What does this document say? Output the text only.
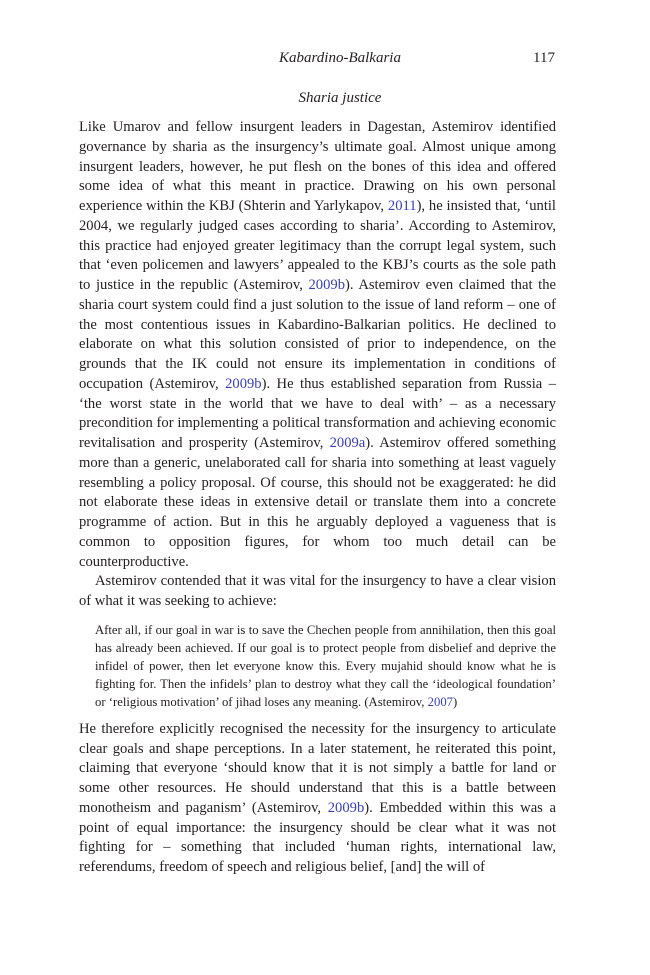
Kabardino-Balkaria	117
Sharia justice

Like Umarov and fellow insurgent leaders in Dagestan, Astemirov identified governance by sharia as the insurgency’s ultimate goal. Almost unique among insurgent leaders, however, he put flesh on the bones of this idea and offered some idea of what this meant in practice. Drawing on his own personal experience within the KBJ (Shterin and Yarlykapov, 2011), he insisted that, ‘until 2004, we regularly judged cases according to sharia’. According to Astemirov, this practice had enjoyed greater legitimacy than the corrupt legal system, such that ‘even policemen and lawyers’ appealed to the KBJ’s courts as the sole path to justice in the republic (Astemirov, 2009b). Astemirov even claimed that the sharia court system could find a just solution to the issue of land reform – one of the most contentious issues in Kabardino-Balkarian politics. He declined to elaborate on what this solution consisted of prior to independence, on the grounds that the IK could not ensure its implementation in conditions of occupation (Astemirov, 2009b). He thus established separation from Russia – ‘the worst state in the world that we have to deal with’ – as a necessary precondition for implementing a political transformation and achieving economic revitalisation and prosperity (Astemirov, 2009a). Astemirov offered something more than a generic, unelaborated call for sharia into something at least vaguely resembling a policy proposal. Of course, this should not be exaggerated: he did not elaborate these ideas in extensive detail or translate them into a concrete programme of action. But in this he arguably deployed a vagueness that is common to opposition figures, for whom too much detail can be counterproductive.

Astemirov contended that it was vital for the insurgency to have a clear vision of what it was seeking to achieve:

After all, if our goal in war is to save the Chechen people from annihilation, then this goal has already been achieved. If our goal is to protect people from disbelief and deprive the infidel of power, then let everyone know this. Every mujahid should know what he is fighting for. Then the infidels’ plan to destroy what they call the ‘ideological foundation’ or ‘religious motivation’ of jihad loses any meaning. (Astemirov, 2007)

He therefore explicitly recognised the necessity for the insurgency to articulate clear goals and shape perceptions. In a later statement, he reiterated this point, claiming that everyone ‘should know that it is not simply a battle for land or some other resources. He should understand that this is a battle between monotheism and paganism’ (Astemirov, 2009b). Embedded within this was a point of equal importance: the insurgency should be clear what it was not fighting for – something that included ‘human rights, international law, referendums, freedom of speech and religious belief, [and] the will of
